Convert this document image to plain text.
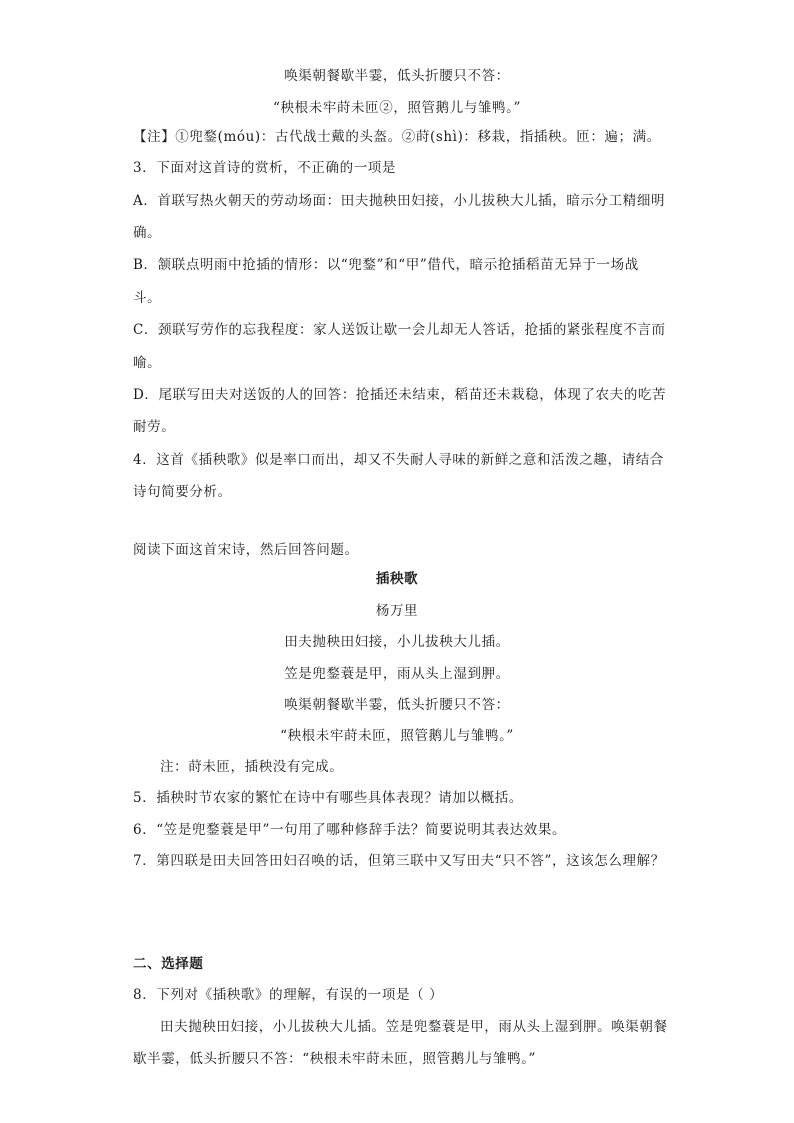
唤渠朝餐歇半霎，低头折腰只不答：
“秧根未牢莳未匝②，照管鹅儿与雏鸭。”
【注】①兜鍪(móu)：古代战士戴的头盔。②莳(shì)：移栽，指插秧。匝：遍；满。
3．下面对这首诗的赏析，不正确的一项是
A．首联写热火朝天的劳动场面：田夫抛秧田妇接，小儿拔秧大儿插，暗示分工精细明
确。
B．颔联点明雨中抢插的情形：以“兜鍪”和“甲”借代，暗示抢插稻苗无异于一场战
斗。
C．颈联写劳作的忘我程度：家人送饭让歇一会儿却无人答话，抢插的紧张程度不言而
喻。
D．尾联写田夫对送饭的人的回答：抢插还未结束，稻苗还未栽稳，体现了农夫的吃苦
耐劳。
4．这首《插秧歌》似是率口而出，却又不失耐人寻味的新鲜之意和活泼之趣，请结合
诗句简要分析。
阅读下面这首宋诗，然后回答问题。
插秧歌
杨万里
田夫抛秧田妇接，小儿拔秧大儿插。
笠是兜鍪蓑是甲，雨从头上湿到胛。
唤渠朝餐歇半霎，低头折腰只不答：
“秧根未牢莳未匝，照管鹅儿与雏鸭。”
注：莳未匝，插秧没有完成。
5．插秧时节农家的繁忙在诗中有哪些具体表现？请加以概括。
6．“笠是兜鍪蓑是甲”一句用了哪种修辞手法？简要说明其表达效果。
7．第四联是田夫回答田妇召唤的话，但第三联中又写田夫“只不答”，这该怎么理解？
二、选择题
8．下列对《插秧歌》的理解，有误的一项是（ ）
田夫抛秧田妇接，小儿拔秧大儿插。笠是兜鍪蓑是甲，雨从头上湿到胛。唤渠朝餐
歇半霎，低头折腰只不答：“秧根未牢莳未匝，照管鹅儿与雏鸭。”
